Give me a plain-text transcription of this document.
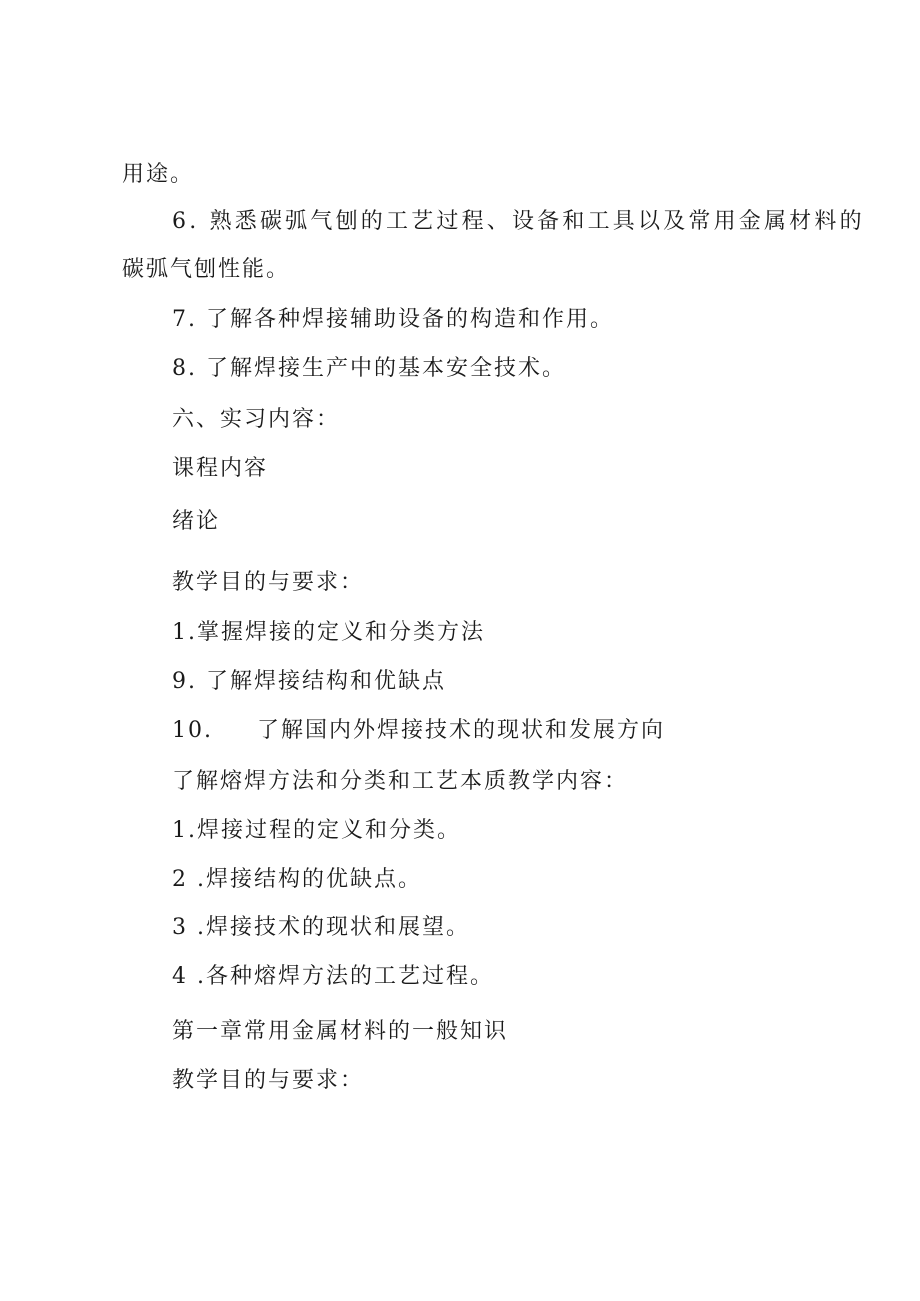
用途。
6. 熟悉碳弧气刨的工艺过程、设备和工具以及常用金属材料的
碳弧气刨性能。
7. 了解各种焊接辅助设备的构造和作用。
8. 了解焊接生产中的基本安全技术。
六、实习内容：
课程内容
绪论
教学目的与要求：
1.掌握焊接的定义和分类方法
9. 了解焊接结构和优缺点
10. 了解国内外焊接技术的现状和发展方向
了解熔焊方法和分类和工艺本质教学内容：
1.焊接过程的定义和分类。
2 .焊接结构的优缺点。
3 .焊接技术的现状和展望。
4 .各种熔焊方法的工艺过程。
第一章常用金属材料的一般知识
教学目的与要求：
